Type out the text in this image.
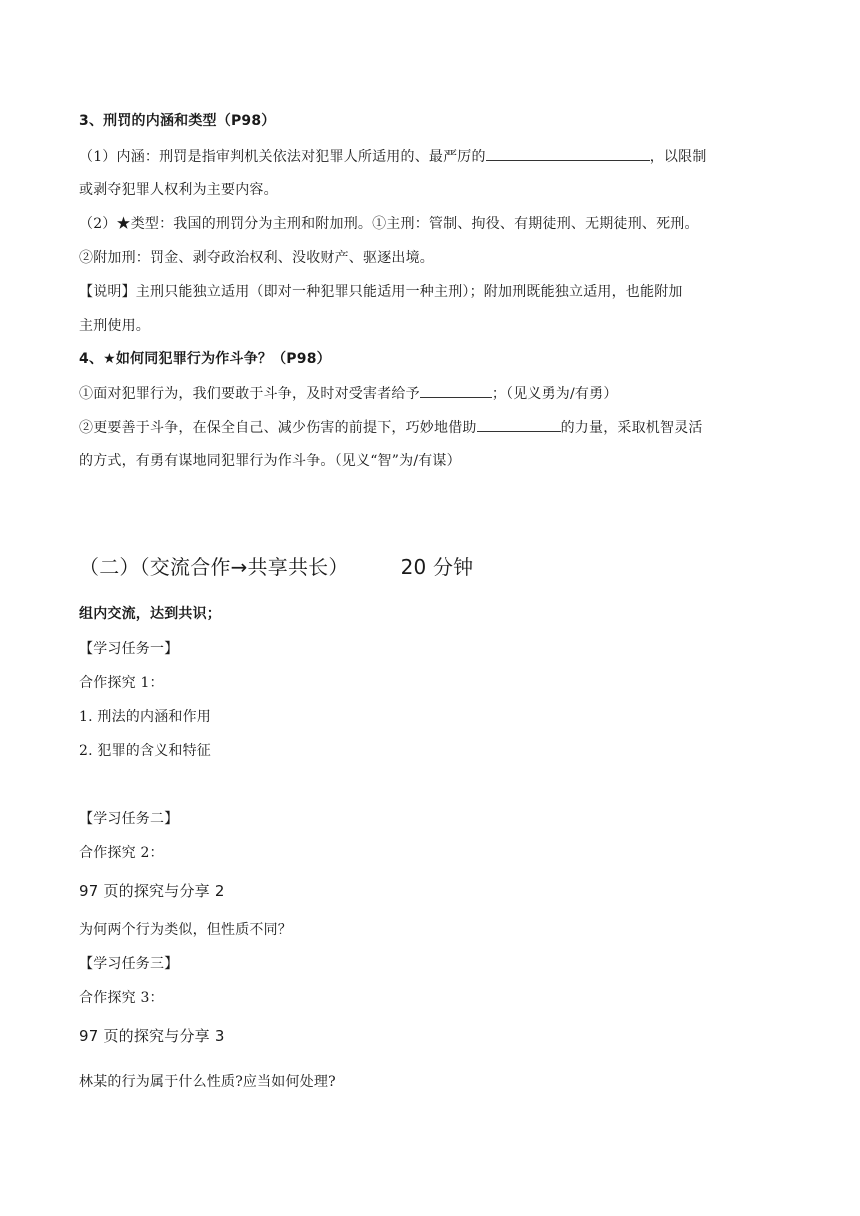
3、刑罚的内涵和类型（P98）
（1）内涵：刑罚是指审判机关依法对犯罪人所适用的、最严厉的	，以限制
或剥夺犯罪人权利为主要内容。
（2）★类型：我国的刑罚分为主刑和附加刑。①主刑：管制、拘役、有期徒刑、无期徒刑、死刑。
②附加刑：罚金、剥夺政治权利、没收财产、驱逐出境。
【说明】主刑只能独立适用（即对一种犯罪只能适用一种主刑）；附加刑既能独立适用，也能附加
主刑使用。
4、★如何同犯罪行为作斗争？（P98）
①面对犯罪行为，我们要敢于斗争，及时对受害者给予	；（见义勇为/有勇）
②更要善于斗争，在保全自己、减少伤害的前提下，巧妙地借助	的力量，采取机智灵活
的方式，有勇有谋地同犯罪行为作斗争。（见义“智”为/有谋）
（二）（交流合作→共享共长）	20 分钟
组内交流，达到共识；
【学习任务一】
合作探究 1：
1. 刑法的内涵和作用
2. 犯罪的含义和特征
【学习任务二】
合作探究 2：
97 页的探究与分享 2
为何两个行为类似，但性质不同？
【学习任务三】
合作探究 3：
97 页的探究与分享 3
林某的行为属于什么性质?应当如何处理?
